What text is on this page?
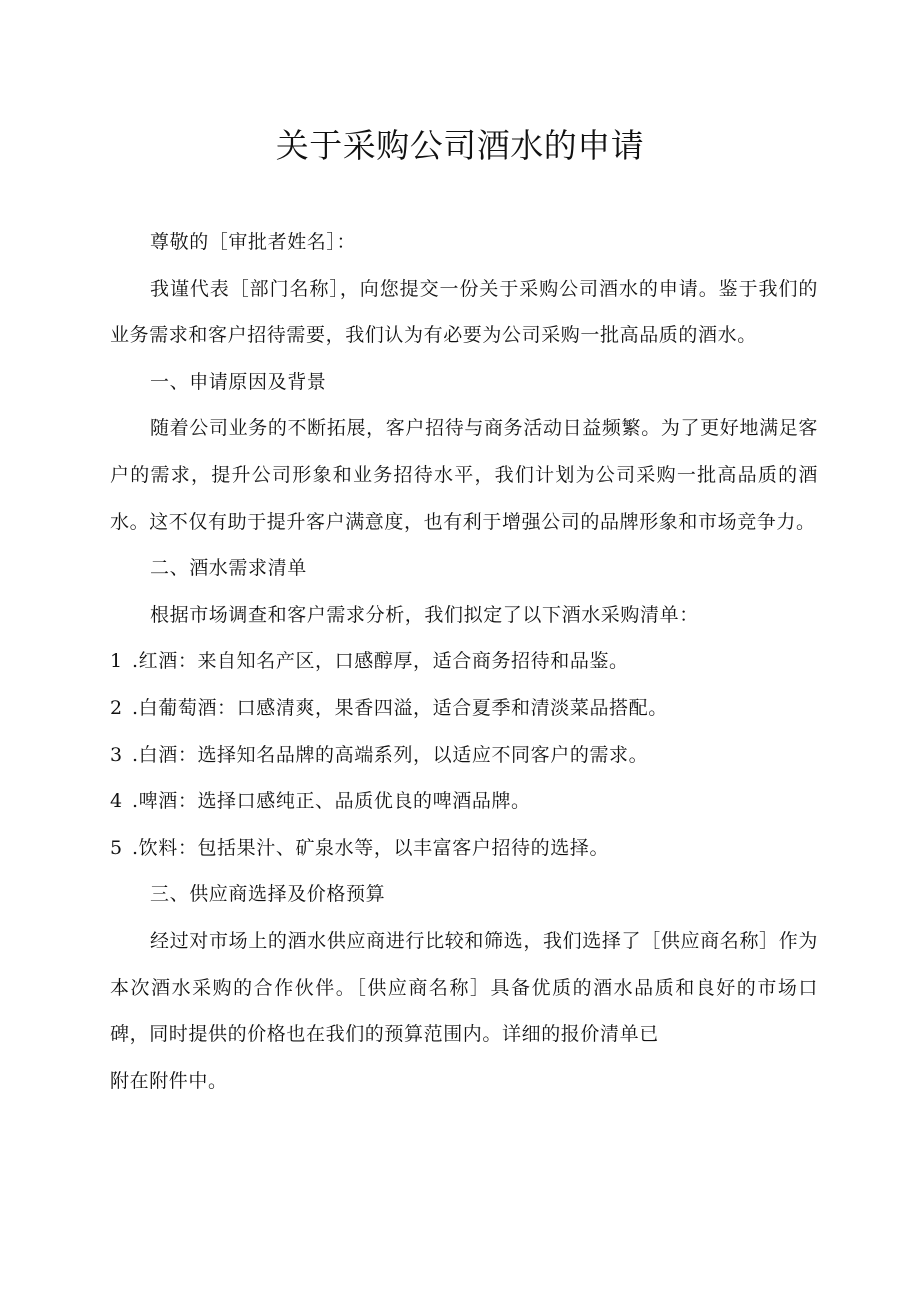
关于采购公司酒水的申请

尊敬的［审批者姓名］：

我谨代表［部门名称］，向您提交一份关于采购公司酒水的申请。鉴于我们的业务需求和客户招待需要，我们认为有必要为公司采购一批高品质的酒水。

一、申请原因及背景

随着公司业务的不断拓展，客户招待与商务活动日益频繁。为了更好地满足客户的需求，提升公司形象和业务招待水平，我们计划为公司采购一批高品质的酒水。这不仅有助于提升客户满意度，也有利于增强公司的品牌形象和市场竞争力。

二、酒水需求清单

根据市场调查和客户需求分析，我们拟定了以下酒水采购清单：

1 .红酒：来自知名产区，口感醇厚，适合商务招待和品鉴。

2 .白葡萄酒：口感清爽，果香四溢，适合夏季和清淡菜品搭配。

3 .白酒：选择知名品牌的高端系列，以适应不同客户的需求。

4 .啤酒：选择口感纯正、品质优良的啤酒品牌。

5 .饮料：包括果汁、矿泉水等，以丰富客户招待的选择。

三、供应商选择及价格预算

经过对市场上的酒水供应商进行比较和筛选，我们选择了［供应商名称］作为本次酒水采购的合作伙伴。［供应商名称］具备优质的酒水品质和良好的市场口碑，同时提供的价格也在我们的预算范围内。详细的报价清单已

附在附件中。
